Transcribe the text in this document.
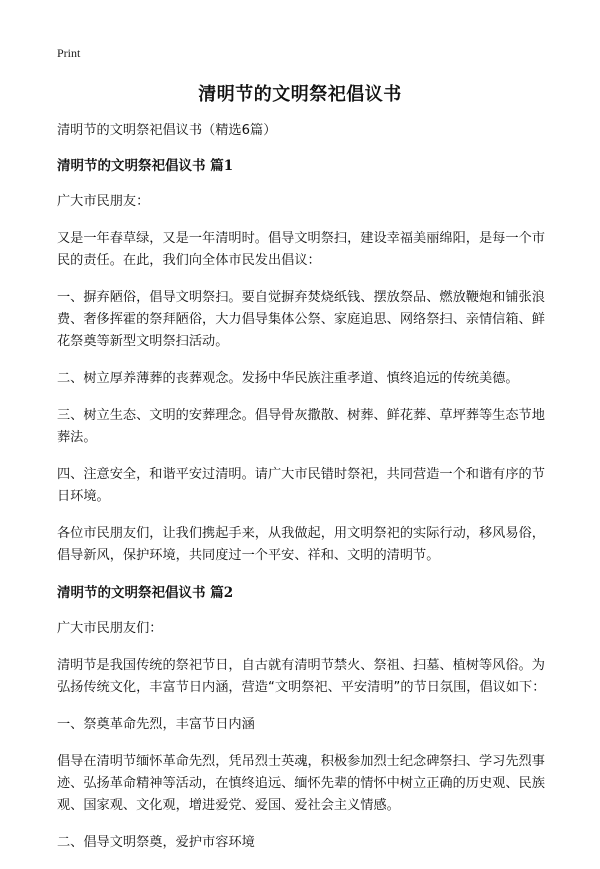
Print
清明节的文明祭祀倡议书

清明节的文明祭祀倡议书（精选6篇）

清明节的文明祭祀倡议书 篇1

广大市民朋友：

又是一年春草绿，又是一年清明时。倡导文明祭扫，建设幸福美丽绵阳，是每一个市民的责任。在此，我们向全体市民发出倡议：

一、摒弃陋俗，倡导文明祭扫。要自觉摒弃焚烧纸钱、摆放祭品、燃放鞭炮和铺张浪费、奢侈挥霍的祭拜陋俗，大力倡导集体公祭、家庭追思、网络祭扫、亲情信箱、鲜花祭奠等新型文明祭扫活动。

二、树立厚养薄葬的丧葬观念。发扬中华民族注重孝道、慎终追远的传统美德。

三、树立生态、文明的安葬理念。倡导骨灰撒散、树葬、鲜花葬、草坪葬等生态节地葬法。

四、注意安全，和谐平安过清明。请广大市民错时祭祀，共同营造一个和谐有序的节日环境。

各位市民朋友们，让我们携起手来，从我做起，用文明祭祀的实际行动，移风易俗，倡导新风，保护环境，共同度过一个平安、祥和、文明的清明节。

清明节的文明祭祀倡议书 篇2

广大市民朋友们：

清明节是我国传统的祭祀节日，自古就有清明节禁火、祭祖、扫墓、植树等风俗。为弘扬传统文化，丰富节日内涵，营造“文明祭祀、平安清明”的节日氛围，倡议如下：

一、祭奠革命先烈，丰富节日内涵

倡导在清明节缅怀革命先烈，凭吊烈士英魂，积极参加烈士纪念碑祭扫、学习先烈事迹、弘扬革命精神等活动，在慎终追远、缅怀先辈的情怀中树立正确的历史观、民族观、国家观、文化观，增进爱党、爱国、爱社会主义情感。

二、倡导文明祭奠，爱护市容环境
